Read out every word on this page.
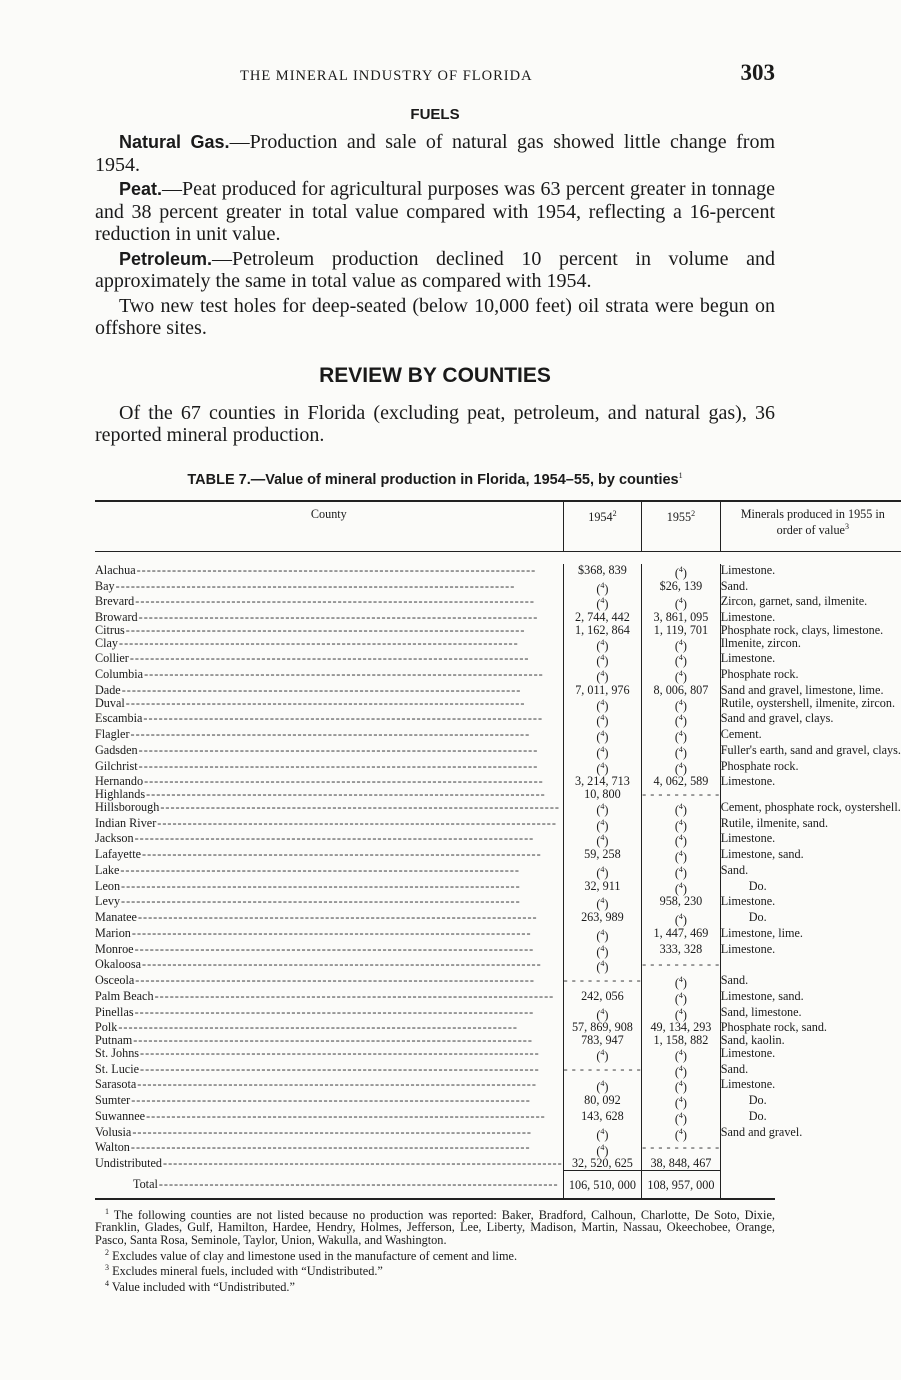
THE MINERAL INDUSTRY OF FLORIDA	303
FUELS

Natural Gas.—Production and sale of natural gas showed little change from 1954.

Peat.—Peat produced for agricultural purposes was 63 percent greater in tonnage and 38 percent greater in total value compared with 1954, reflecting a 16-percent reduction in unit value.

Petroleum.—Petroleum production declined 10 percent in volume and approximately the same in total value as compared with 1954.

Two new test holes for deep-seated (below 10,000 feet) oil strata were begun on offshore sites.

REVIEW BY COUNTIES

Of the 67 counties in Florida (excluding peat, petroleum, and natural gas), 36 reported mineral production.

TABLE 7.—Value of mineral production in Florida, 1954–55, by counties$^1$
County	1954$^2$	1955$^2$	Minerals produced in 1955 in order of value$^3$

Alachua
-----	$368, 839	($^4$)	Limestone.

Bay
-----	($^4$)	$26, 139	Sand.

Brevard
-----	($^4$)	($^4$)	Zircon, garnet, sand, ilmenite.

Broward
-----	2, 744, 442	3, 861, 095	Limestone.

Citrus
-----	1, 162, 864	1, 119, 701	Phosphate rock, clays, limestone.

Clay
-----	($^4$)	($^4$)	Ilmenite, zircon.

Collier
-----	($^4$)	($^4$)	Limestone.

Columbia
-----	($^4$)	($^4$)	Phosphate rock.

Dade
-----	7, 011, 976	8, 006, 807	Sand and gravel, limestone, lime.

Duval
-----	($^4$)	($^4$)	Rutile, oystershell, ilmenite, zircon.

Escambia
-----	($^4$)	($^4$)	Sand and gravel, clays.

Flagler
-----	($^4$)	($^4$)	Cement.

Gadsden
-----	($^4$)	($^4$)	Fuller's earth, sand and gravel, clays.

Gilchrist
-----	($^4$)	($^4$)	Phosphate rock.

Hernando
-----	3, 214, 713	4, 062, 589	Limestone.

Highlands
-----	10, 800	- - - - - - - - - -	

Hillsborough
-----	($^4$)	($^4$)	Cement, phosphate rock, oystershell.

Indian River
-----	($^4$)	($^4$)	Rutile, ilmenite, sand.

Jackson
-----	($^4$)	($^4$)	Limestone.

Lafayette
-----	59, 258	($^4$)	Limestone, sand.

Lake
-----	($^4$)	($^4$)	Sand.

Leon
-----	32, 911	($^4$)	Do.

Levy
-----	($^4$)	958, 230	Limestone.

Manatee
-----	263, 989	($^4$)	Do.

Marion
-----	($^4$)	1, 447, 469	Limestone, lime.

Monroe
-----	($^4$)	333, 328	Limestone.

Okaloosa
-----	($^4$)	- - - - - - - - - -	

Osceola
-----	- - - - - - - - - -	($^4$)	Sand.

Palm Beach
-----	242, 056	($^4$)	Limestone, sand.

Pinellas
-----	($^4$)	($^4$)	Sand, limestone.

Polk
-----	57, 869, 908	49, 134, 293	Phosphate rock, sand.

Putnam
-----	783, 947	1, 158, 882	Sand, kaolin.

St. Johns
-----	($^4$)	($^4$)	Limestone.

St. Lucie
-----	- - - - - - - - - -	($^4$)	Sand.

Sarasota
-----	($^4$)	($^4$)	Limestone.

Sumter
-----	80, 092	($^4$)	Do.

Suwannee
-----	143, 628	($^4$)	Do.

Volusia
-----	($^4$)	($^4$)	Sand and gravel.

Walton
-----	($^4$)	- - - - - - - - - -	

Undistributed
-----	32, 520, 625	38, 848, 467	

Total
-----	106, 510, 000	108, 957, 000	

$^1$ The following counties are not listed because no production was reported: Baker, Bradford, Calhoun, Charlotte, De Soto, Dixie, Franklin, Glades, Gulf, Hamilton, Hardee, Hendry, Holmes, Jefferson, Lee, Liberty, Madison, Martin, Nassau, Okeechobee, Orange, Pasco, Santa Rosa, Seminole, Taylor, Union, Wakulla, and Washington.

$^2$ Excludes value of clay and limestone used in the manufacture of cement and lime.

$^3$ Excludes mineral fuels, included with “Undistributed.”

$^4$ Value included with “Undistributed.”
